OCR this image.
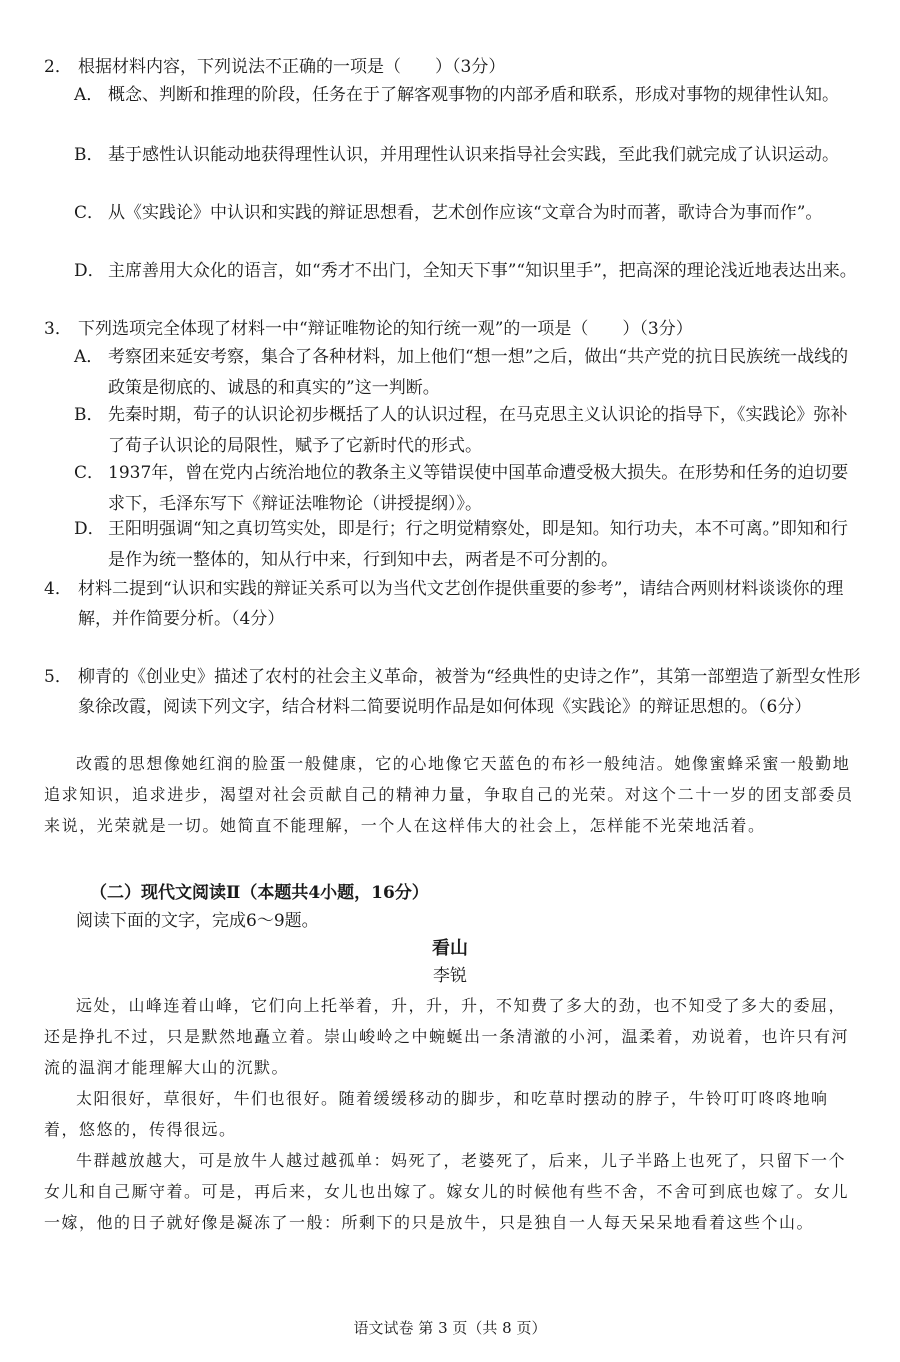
2． 根据材料内容，下列说法不正确的一项是（　　）（3分）
A． 概念、判断和推理的阶段，任务在于了解客观事物的内部矛盾和联系，形成对事物的规律性认知。
B． 基于感性认识能动地获得理性认识，并用理性认识来指导社会实践，至此我们就完成了认识运动。
C． 从《实践论》中认识和实践的辩证思想看，艺术创作应该“文章合为时而著，歌诗合为事而作”。
D． 主席善用大众化的语言，如“秀才不出门，全知天下事”“知识里手”，把高深的理论浅近地表达出来。
3． 下列选项完全体现了材料一中“辩证唯物论的知行统一观”的一项是（　　）（3分）
A． 考察团来延安考察，集合了各种材料，加上他们“想一想”之后，做出“共产党的抗日民族统一战线的政策是彻底的、诚恳的和真实的”这一判断。
B． 先秦时期，荀子的认识论初步概括了人的认识过程，在马克思主义认识论的指导下，《实践论》弥补了荀子认识论的局限性，赋予了它新时代的形式。
C． 1937年，曾在党内占统治地位的教条主义等错误使中国革命遭受极大损失。在形势和任务的迫切要求下，毛泽东写下《辩证法唯物论（讲授提纲）》。
D． 王阳明强调“知之真切笃实处，即是行；行之明觉精察处，即是知。知行功夫，本不可离。”即知和行是作为统一整体的，知从行中来，行到知中去，两者是不可分割的。
4． 材料二提到“认识和实践的辩证关系可以为当代文艺创作提供重要的参考”，请结合两则材料谈谈你的理解，并作简要分析。（4分）
5． 柳青的《创业史》描述了农村的社会主义革命，被誉为“经典性的史诗之作”，其第一部塑造了新型女性形象徐改霞，阅读下列文字，结合材料二简要说明作品是如何体现《实践论》的辩证思想的。（6分）

改霞的思想像她红润的脸蛋一般健康，它的心地像它天蓝色的布衫一般纯洁。她像蜜蜂采蜜一般勤地追求知识，追求进步，渴望对社会贡献自己的精神力量，争取自己的光荣。对这个二十一岁的团支部委员来说，光荣就是一切。她简直不能理解，一个人在这样伟大的社会上，怎样能不光荣地活着。

（二）现代文阅读Ⅱ（本题共4小题，16分）
阅读下面的文字，完成6～9题。
看山
李锐

远处，山峰连着山峰，它们向上托举着，升，升，升，不知费了多大的劲，也不知受了多大的委屈，还是挣扎不过，只是默然地矗立着。崇山峻岭之中蜿蜒出一条清澈的小河，温柔着，劝说着，也许只有河流的温润才能理解大山的沉默。

太阳很好，草很好，牛们也很好。随着缓缓移动的脚步，和吃草时摆动的脖子，牛铃叮叮咚咚地响着，悠悠的，传得很远。

牛群越放越大，可是放牛人越过越孤单：妈死了，老婆死了，后来，儿子半路上也死了，只留下一个女儿和自己厮守着。可是，再后来，女儿也出嫁了。嫁女儿的时候他有些不舍，不舍可到底也嫁了。女儿一嫁，他的日子就好像是凝冻了一般：所剩下的只是放牛，只是独自一人每天呆呆地看着这些个山。

语文试卷 第 3 页（共 8 页）
